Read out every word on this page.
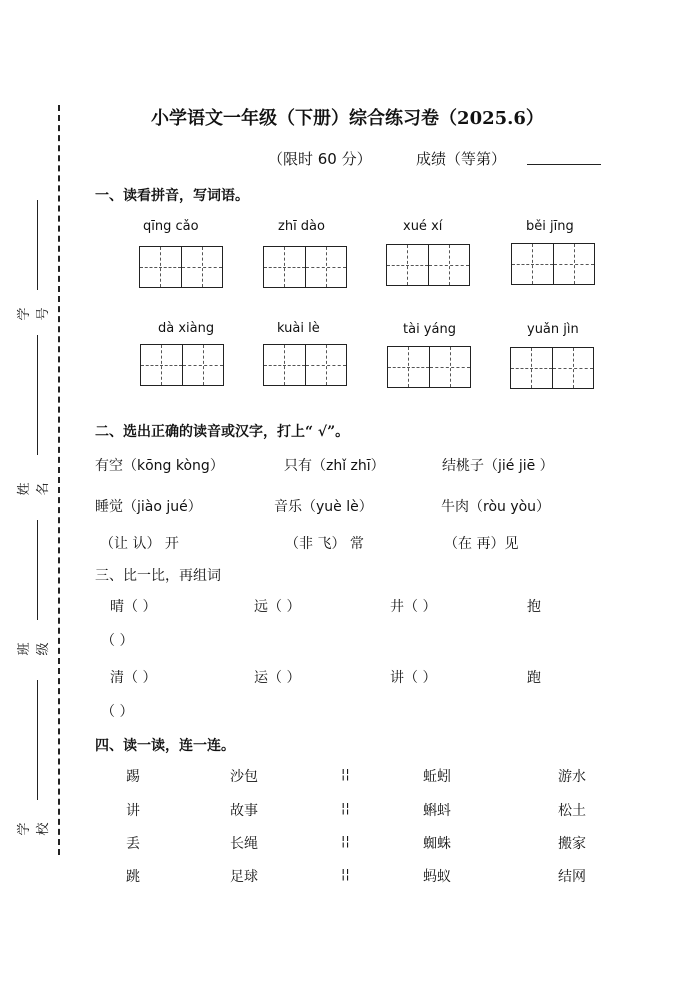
学号
姓名
班级
学校
小学语文一年级（下册）综合练习卷（2025.6）
（限时 60 分）	成绩（等第）
一、读看拼音，写词语。
qīng cǎo	zhī dào	xué xí	běi jīng
dà xiàng	kuài lè	tài yáng	yuǎn jìn
二、选出正确的读音或汉字，打上“ √”。
有空（kōng kòng）	只有（zhǐ zhī）	结桃子（jié jiē ）
睡觉（jiào jué）	音乐（yuè lè）	牛肉（ròu yòu）
（让 认） 开	（非 飞） 常	（在 再）见
三、比一比，再组词
晴（ ）	远（ ）	井（ ）	抱
（ ）
清（ ）	运（ ）	讲（ ）	跑
（ ）
四、读一读，连一连。
踢	沙包	¦¦	蚯蚓	游水
讲	故事	¦¦	蝌蚪	松土
丢	长绳	¦¦	蜘蛛	搬家
跳	足球	¦¦	蚂蚁	结网
